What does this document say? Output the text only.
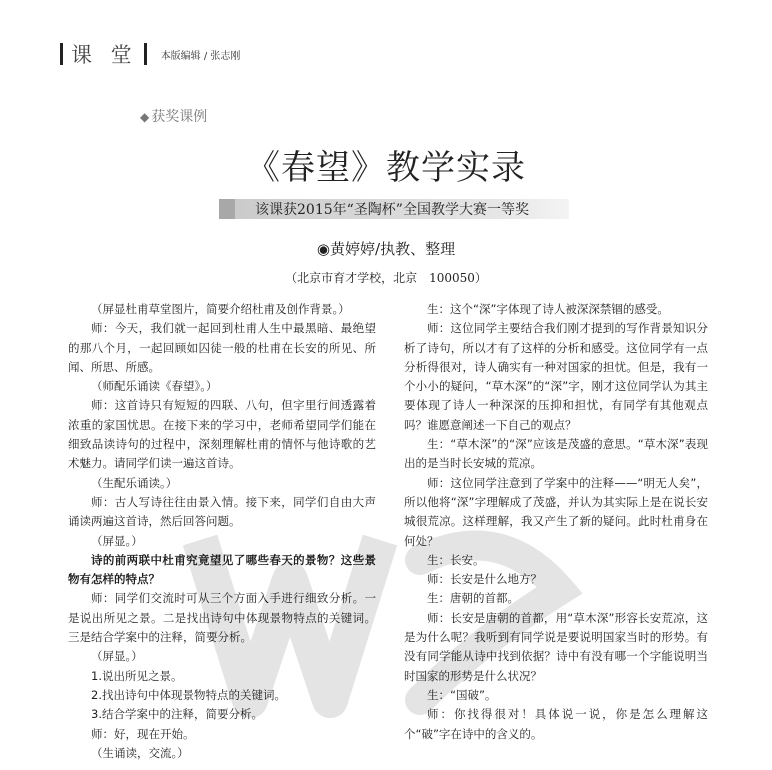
课 堂 本版编辑 / 张志刚
◆ 获奖课例
《春望》教学实录
该课获2015年“圣陶杯”全国教学大赛一等奖
◉黄婷婷/执教、整理
（北京市育才学校，北京　100050）

（屏显杜甫草堂图片，简要介绍杜甫及创作背景。）

师：今天，我们就一起回到杜甫人生中最黑暗、最绝望的那八个月，一起回顾如囚徒一般的杜甫在长安的所见、所闻、所思、所感。

（师配乐诵读《春望》。）

师：这首诗只有短短的四联、八句，但字里行间透露着浓重的家国忧思。在接下来的学习中，老师希望同学们能在细致品读诗句的过程中，深刻理解杜甫的情怀与他诗歌的艺术魅力。请同学们读一遍这首诗。

（生配乐诵读。）

师：古人写诗往往由景入情。接下来，同学们自由大声诵读两遍这首诗，然后回答问题。

（屏显。）

诗的前两联中杜甫究竟望见了哪些春天的景物？这些景物有怎样的特点？

师：同学们交流时可从三个方面入手进行细致分析。一是说出所见之景。二是找出诗句中体现景物特点的关键词。三是结合学案中的注释，简要分析。

（屏显。）

1.说出所见之景。

2.找出诗句中体现景物特点的关键词。

3.结合学案中的注释，简要分析。

师：好，现在开始。

（生诵读，交流。）

生：这个“深”字体现了诗人被深深禁锢的感受。

师：这位同学主要结合我们刚才提到的写作背景知识分析了诗句，所以才有了这样的分析和感受。这位同学有一点分析得很对，诗人确实有一种对国家的担忧。但是，我有一个小小的疑问，“草木深”的“深”字，刚才这位同学认为其主要体现了诗人一种深深的压抑和担忧，有同学有其他观点吗？谁愿意阐述一下自己的观点？

生：“草木深”的“深”应该是茂盛的意思。“草木深”表现出的是当时长安城的荒凉。

师：这位同学注意到了学案中的注释——“明无人矣”，所以他将“深”字理解成了茂盛，并认为其实际上是在说长安城很荒凉。这样理解，我又产生了新的疑问。此时杜甫身在何处？

生：长安。

师：长安是什么地方？

生：唐朝的首都。

师：长安是唐朝的首都，用“草木深”形容长安荒凉，这是为什么呢？我听到有同学说是要说明国家当时的形势。有没有同学能从诗中找到依据？诗中有没有哪一个字能说明当时国家的形势是什么状况？

生：“国破”。

师：你找得很对！具体说一说，你是怎么理解这个“破”字在诗中的含义的。
